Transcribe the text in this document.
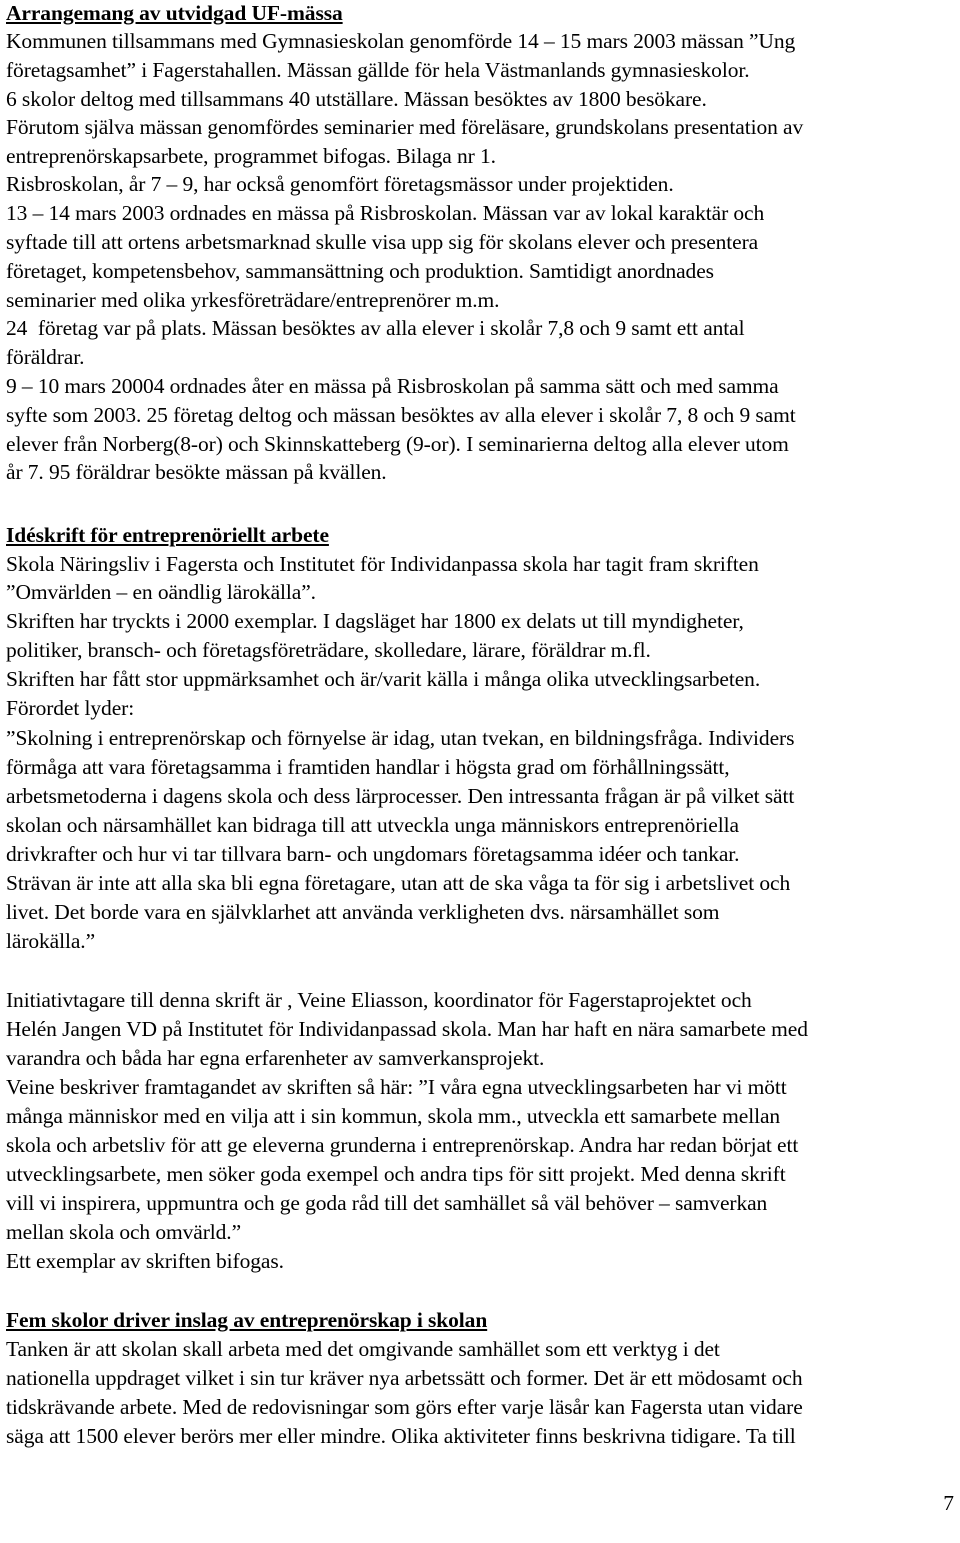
Arrangemang av utvidgad UF-mässa
Kommunen tillsammans med Gymnasieskolan genomförde 14 – 15 mars 2003 mässan ”Ung
företagsamhet” i Fagerstahallen. Mässan gällde för hela Västmanlands gymnasieskolor.
6 skolor deltog med tillsammans 40 utställare. Mässan besöktes av 1800 besökare.
Förutom själva mässan genomfördes seminarier med föreläsare, grundskolans presentation av
entreprenörskapsarbete, programmet bifogas. Bilaga nr 1.
Risbroskolan, år 7 – 9, har också genomfört företagsmässor under projektiden.
13 – 14 mars 2003 ordnades en mässa på Risbroskolan. Mässan var av lokal karaktär och
syftade till att ortens arbetsmarknad skulle visa upp sig för skolans elever och presentera
företaget, kompetensbehov, sammansättning och produktion. Samtidigt anordnades
seminarier med olika yrkesföreträdare/entreprenörer m.m.
24  företag var på plats. Mässan besöktes av alla elever i skolår 7,8 och 9 samt ett antal
föräldrar.
9 – 10 mars 20004 ordnades åter en mässa på Risbroskolan på samma sätt och med samma
syfte som 2003. 25 företag deltog och mässan besöktes av alla elever i skolår 7, 8 och 9 samt
elever från Norberg(8-or) och Skinnskatteberg (9-or). I seminarierna deltog alla elever utom
år 7. 95 föräldrar besökte mässan på kvällen.
Idéskrift för entreprenöriellt arbete
Skola Näringsliv i Fagersta och Institutet för Individanpassa skola har tagit fram skriften
”Omvärlden – en oändlig lärokälla”.
Skriften har tryckts i 2000 exemplar. I dagsläget har 1800 ex delats ut till myndigheter,
politiker, bransch- och företagsföreträdare, skolledare, lärare, föräldrar m.fl.
Skriften har fått stor uppmärksamhet och är/varit källa i många olika utvecklingsarbeten.
Förordet lyder:
”Skolning i entreprenörskap och förnyelse är idag, utan tvekan, en bildningsfråga. Individers
förmåga att vara företagsamma i framtiden handlar i högsta grad om förhållningssätt,
arbetsmetoderna i dagens skola och dess lärprocesser. Den intressanta frågan är på vilket sätt
skolan och närsamhället kan bidraga till att utveckla unga människors entreprenöriella
drivkrafter och hur vi tar tillvara barn- och ungdomars företagsamma idéer och tankar.
Strävan är inte att alla ska bli egna företagare, utan att de ska våga ta för sig i arbetslivet och
livet. Det borde vara en självklarhet att använda verkligheten dvs. närsamhället som
lärokälla.”
Initiativtagare till denna skrift är , Veine Eliasson, koordinator för Fagerstaprojektet och
Helén Jangen VD på Institutet för Individanpassad skola. Man har haft en nära samarbete med
varandra och båda har egna erfarenheter av samverkansprojekt.
Veine beskriver framtagandet av skriften så här: ”I våra egna utvecklingsarbeten har vi mött
många människor med en vilja att i sin kommun, skola mm., utveckla ett samarbete mellan
skola och arbetsliv för att ge eleverna grunderna i entreprenörskap. Andra har redan börjat ett
utvecklingsarbete, men söker goda exempel och andra tips för sitt projekt. Med denna skrift
vill vi inspirera, uppmuntra och ge goda råd till det samhället så väl behöver – samverkan
mellan skola och omvärld.”
Ett exemplar av skriften bifogas.
Fem skolor driver inslag av entreprenörskap i skolan
Tanken är att skolan skall arbeta med det omgivande samhället som ett verktyg i det
nationella uppdraget vilket i sin tur kräver nya arbetssätt och former. Det är ett mödosamt och
tidskrävande arbete. Med de redovisningar som görs efter varje läsår kan Fagersta utan vidare
säga att 1500 elever berörs mer eller mindre. Olika aktiviteter finns beskrivna tidigare. Ta till
7
